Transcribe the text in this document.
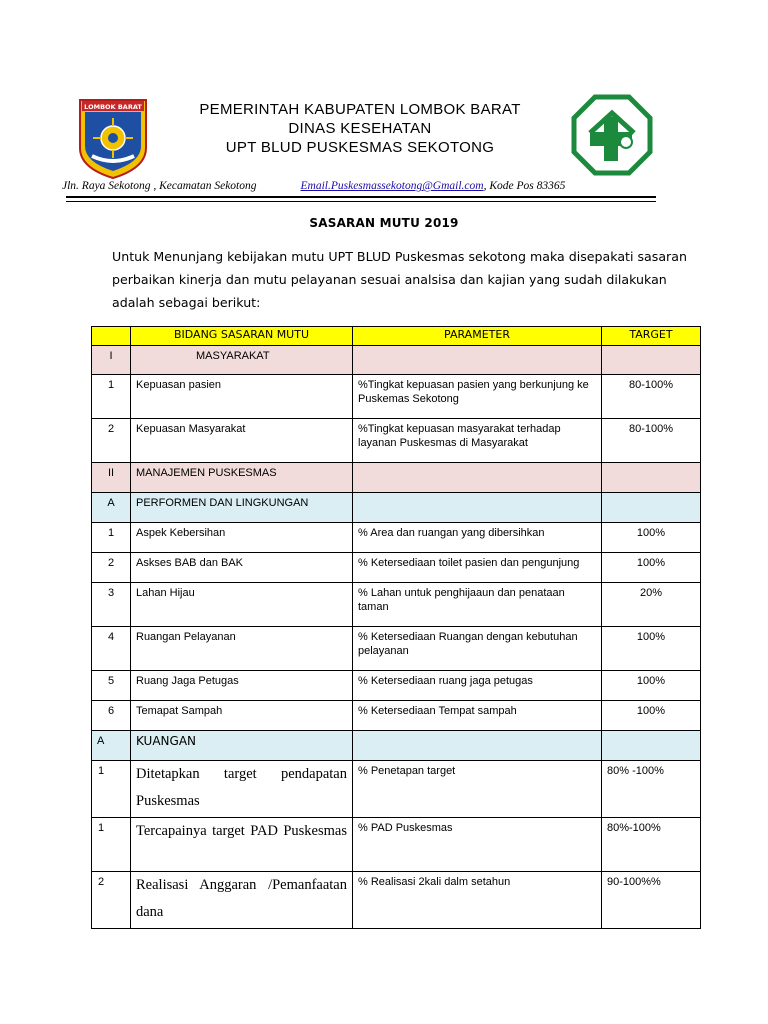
LOMBOK BARAT	PEMERINTAH KABUPATEN LOMBOK BARAT
DINAS KESEHATAN
UPT BLUD PUSKESMAS SEKOTONG
Jln. Raya Sekotong , Kecamatan Sekotong	Email.Puskesmassekotong@Gmail.com, Kode Pos 83365
SASARAN MUTU 2019
Untuk Menunjang kebijakan mutu UPT BLUD Puskesmas sekotong maka disepakati sasaran perbaikan kinerja dan mutu pelayanan sesuai analsisa dan kajian yang sudah dilakukan adalah sebagai berikut:
	BIDANG SASARAN MUTU	PARAMETER	TARGET
I	MASYARAKAT		
1	Kepuasan pasien	%Tingkat kepuasan pasien yang berkunjung ke Puskemas Sekotong	80-100%
2	Kepuasan Masyarakat	%Tingkat kepuasan masyarakat terhadap layanan Puskesmas di Masyarakat	80-100%
II	MANAJEMEN PUSKESMAS		
A	PERFORMEN DAN LINGKUNGAN		
1	Aspek Kebersihan	% Area dan ruangan yang dibersihkan	100%
2	Askses BAB dan BAK	% Ketersediaan toilet pasien dan pengunjung	100%
3	Lahan Hijau	% Lahan untuk penghijaaun dan penataan taman	20%
4	Ruangan Pelayanan	% Ketersediaan Ruangan dengan kebutuhan pelayanan	100%
5	Ruang Jaga Petugas	% Ketersediaan ruang jaga petugas	100%
6	Temapat Sampah	% Ketersediaan Tempat sampah	100%
A	KUANGAN		
1	Ditetapkan target pendapatan Puskesmas	% Penetapan target	80% -100%
1	Tercapainya target PAD Puskesmas	% PAD Puskesmas	80%-100%
2	Realisasi Anggaran /Pemanfaatan dana	% Realisasi 2kali dalm setahun	90-100%%
